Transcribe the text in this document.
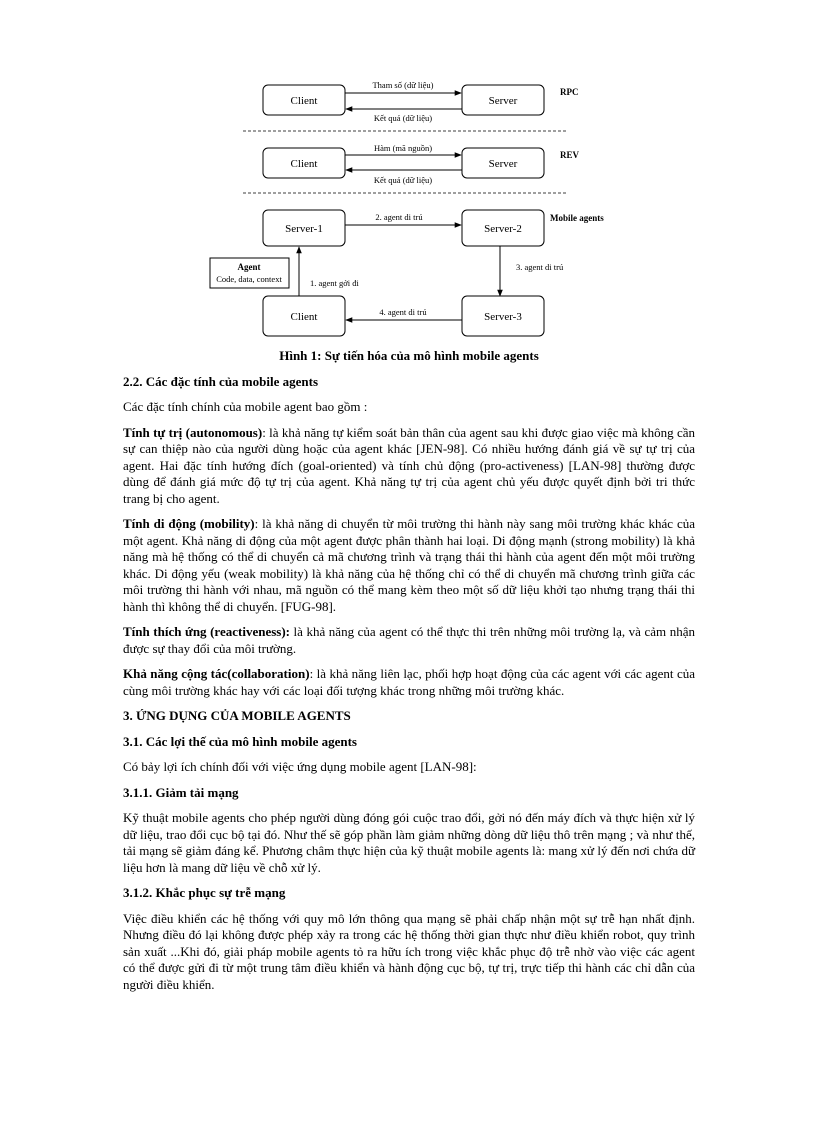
Client	Server
Tham số (dữ liệu)
Kết quả (dữ liệu)
RPC
Client	Server
Hàm (mã nguồn)
Kết quả (dữ liệu)
REV
Mobile agents
Server-1	Server-2
2. agent di trú
3. agent di trú
Client	Server-3
4. agent di trú
1. agent gởi đi
Agent
Code, data, context

Hình 1: Sự tiến hóa của mô hình mobile agents

2.2. Các đặc tính của mobile agents

Các đặc tính chính của mobile agent bao gồm :

Tính tự trị (autonomous): là khả năng tự kiểm soát bản thân của agent sau khi được giao việc mà không cần sự can thiệp nào của người dùng hoặc của agent khác [JEN-98]. Có nhiều hướng đánh giá về sự tự trị của agent. Hai đặc tính hướng đích (goal-oriented) và tính chủ động (pro-activeness) [LAN-98] thường được dùng để đánh giá mức độ tự trị của agent. Khả năng tự trị của agent chủ yếu được quyết định bởi tri thức trang bị cho agent.

Tính di động (mobility): là khả năng di chuyển từ môi trường thi hành này sang môi trường khác khác của một agent. Khả năng di động của một agent được phân thành hai loại. Di động mạnh (strong mobility) là khả năng mà hệ thống có thể di chuyển cả mã chương trình và trạng thái thi hành của agent đến một môi trường khác. Di động yếu (weak mobility) là khả năng của hệ thống chỉ có thể di chuyển mã chương trình giữa các môi trường thi hành với nhau, mã nguồn có thể mang kèm theo một số dữ liệu khởi tạo nhưng trạng thái thi hành thì không thể di chuyển. [FUG-98].

Tính thích ứng (reactiveness): là khả năng của agent có thể thực thi trên những môi trường lạ, và cảm nhận được sự thay đổi của môi trường.

Khả năng cộng tác(collaboration): là khả năng liên lạc, phối hợp hoạt động của các agent với các agent của cùng môi trường khác hay với các loại đối tượng khác trong những môi trường khác.

3. ỨNG DỤNG CỦA MOBILE AGENTS

3.1. Các lợi thế của mô hình mobile agents

Có bảy lợi ích chính đối với việc ứng dụng mobile agent [LAN-98]:

3.1.1. Giảm tải mạng

Kỹ thuật mobile agents cho phép người dùng đóng gói cuộc trao đổi, gởi nó đến máy đích và thực hiện xử lý dữ liệu, trao đổi cục bộ tại đó. Như thế sẽ góp phần làm giảm những dòng dữ liệu thô trên mạng ; và như thế, tải mạng sẽ giảm đáng kể. Phương châm thực hiện của kỹ thuật mobile agents là: mang xử lý đến nơi chứa dữ liệu hơn là mang dữ liệu về chỗ xử lý.

3.1.2. Khắc phục sự trễ mạng

Việc điều khiển các hệ thống với quy mô lớn thông qua mạng sẽ phải chấp nhận một sự trễ hạn nhất định. Nhưng điều đó lại không được phép xảy ra trong các hệ thống thời gian thực như điều khiển robot, quy trình sản xuất ...Khi đó, giải pháp mobile agents tỏ ra hữu ích trong việc khắc phục độ trễ nhờ vào việc các agent có thể được gửi đi từ một trung tâm điều khiển và hành động cục bộ, tự trị, trực tiếp thi hành các chỉ dẫn của người điều khiển.
